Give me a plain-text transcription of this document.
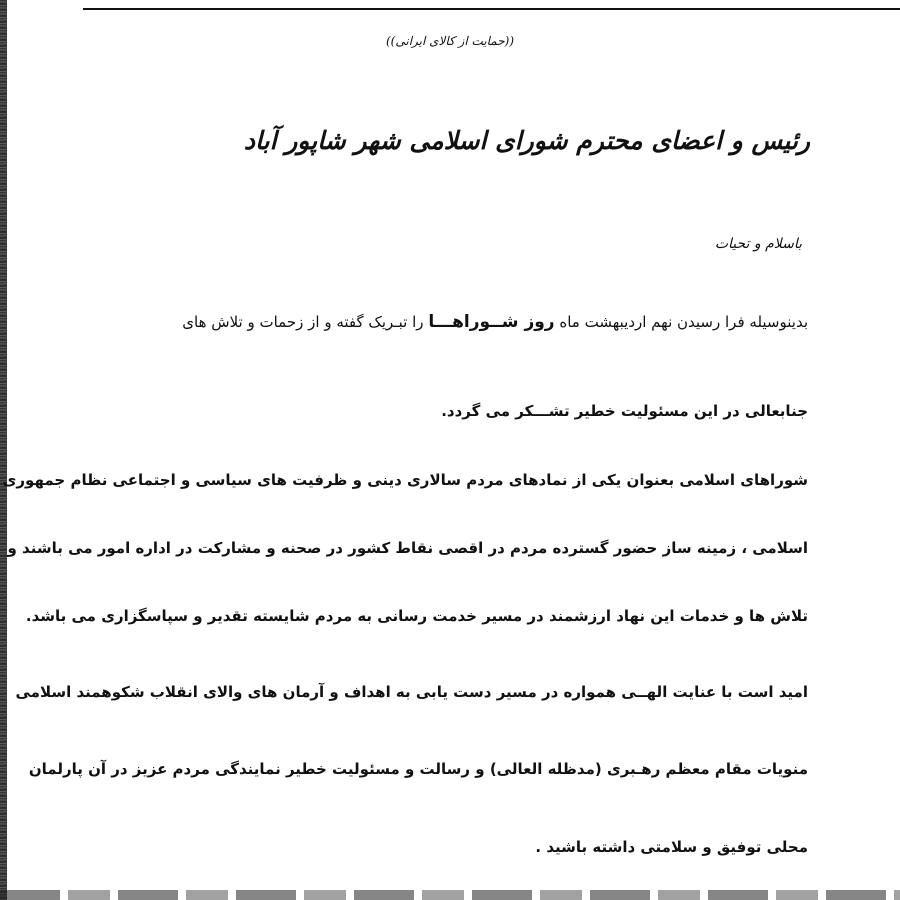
((حمایت از کالای ایرانی))
رئیس و اعضای محترم شورای اسلامی شهر شاپور آباد
باسلام و تحیات
بدینوسیله فرا رسیدن نهم اردیبهشت ماه روز شــوراهـــا را تبـریک گفته و از زحمات و تلاش های
جنابعالی در این مسئولیت خطیر تشـــکر می گردد.
شوراهای اسلامی بعنوان یکی از نمادهای مردم سالاری دینی و ظرفیت های سیاسی و اجتماعی نظام جمهوری
اسلامی ، زمینه ساز حضور گسترده مردم در اقصی نقاط کشور در صحنه و مشارکت در اداره امور می باشند و
تلاش ها و خدمات این نهاد ارزشمند در مسیر خدمت رسانی به مردم شایسته تقدیر و سپاسگزاری می باشد.
امید است با عنایت الهــی همواره در مسیر دست یابی به اهداف و آرمان های والای انقلاب شکوهمند اسلامی
منویات مقام معظم رهـبری (مدظله العالی) و رسالت و مسئولیت خطیر نمایندگی مردم عزیز در آن پارلمان
محلی توفیق و سلامتی داشته باشید .
